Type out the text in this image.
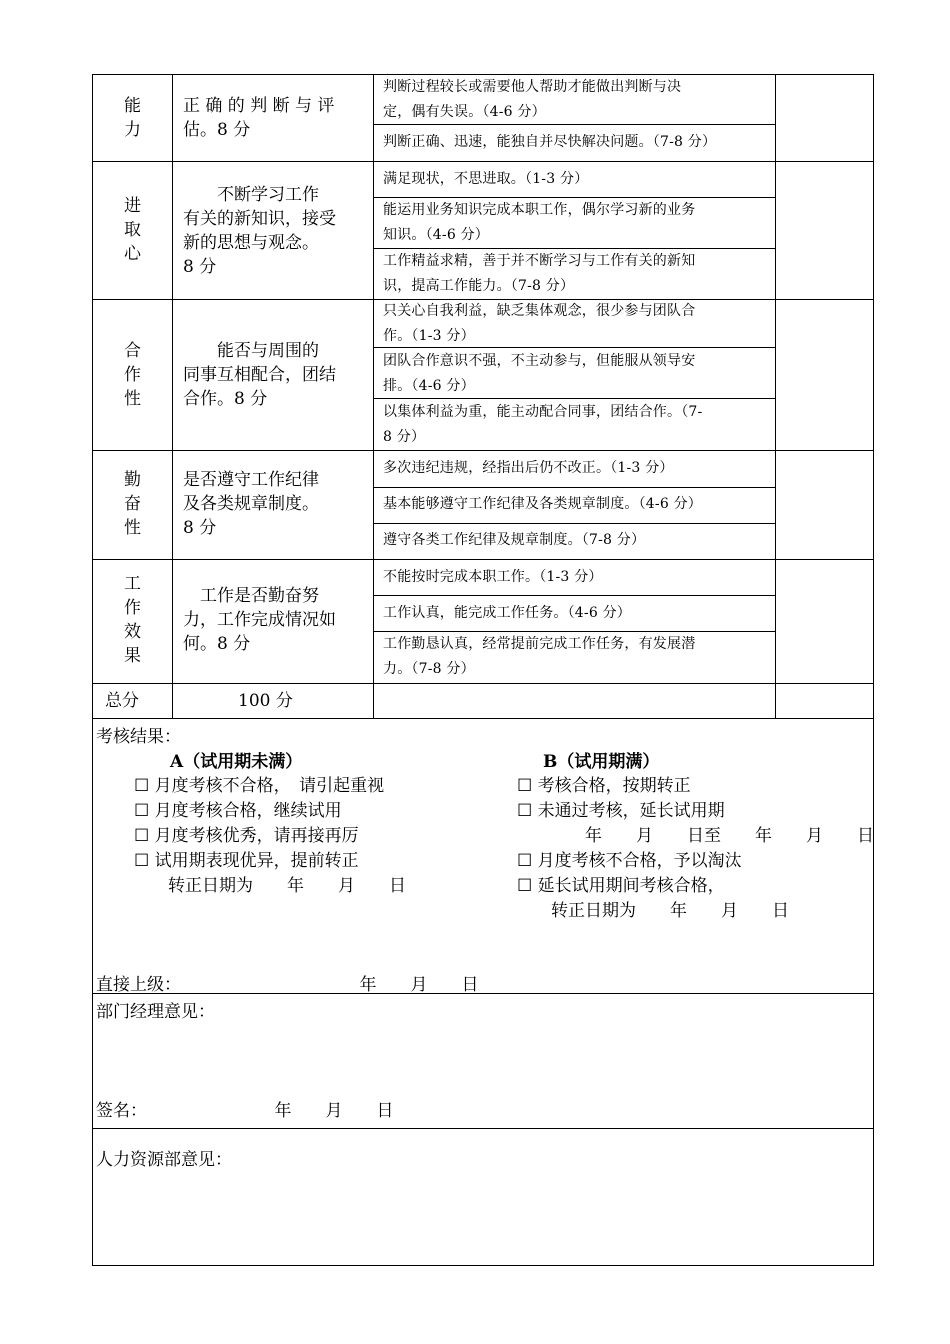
能
力
正 确 的 判 断 与 评
估。8 分
判断过程较长或需要他人帮助才能做出判断与决
定，偶有失误。（4-6 分）
判断正确、迅速，能独自并尽快解决问题。（7-8 分）
进
取
心
　　不断学习工作
有关的新知识，接受
新的思想与观念。
8 分
满足现状，不思进取。（1-3 分）
能运用业务知识完成本职工作，偶尔学习新的业务
知识。（4-6 分）
工作精益求精，善于并不断学习与工作有关的新知
识，提高工作能力。（7-8 分）
合
作
性
　　能否与周围的
同事互相配合，团结
合作。8 分
只关心自我利益，缺乏集体观念，很少参与团队合
作。（1-3 分）
团队合作意识不强，不主动参与，但能服从领导安
排。（4-6 分）
以集体利益为重，能主动配合同事，团结合作。（7-
8 分）
勤
奋
性
是否遵守工作纪律
及各类规章制度。
8 分
多次违纪违规，经指出后仍不改正。（1-3 分）
基本能够遵守工作纪律及各类规章制度。（4-6 分）
遵守各类工作纪律及规章制度。（7-8 分）
工
作
效
果
　工作是否勤奋努
力，工作完成情况如
何。8 分
不能按时完成本职工作。（1-3 分）
工作认真，能完成工作任务。（4-6 分）
工作勤恳认真，经常提前完成工作任务，有发展潜
力。（7-8 分）
总分	100 分
考核结果：
A（试用期未满）	B（试用期满）
☐ 月度考核不合格，　请引起重视
☐ 月度考核合格，继续试用
☐ 月度考核优秀，请再接再厉
☐ 试用期表现优异，提前转正
　　转正日期为　　年　　月　　日
☐ 考核合格，按期转正
☐ 未通过考核，延长试用期
　　　　年　　月　　日至　　年　　月　　日
☐ 月度考核不合格，予以淘汰
☐ 延长试用期间考核合格，
　　转正日期为　　年　　月　　日
直接上级：　　　　　　　　　　　年　　月　　日
部门经理意见：
签名：　　　　　　　　年　　月　　日
人力资源部意见：
